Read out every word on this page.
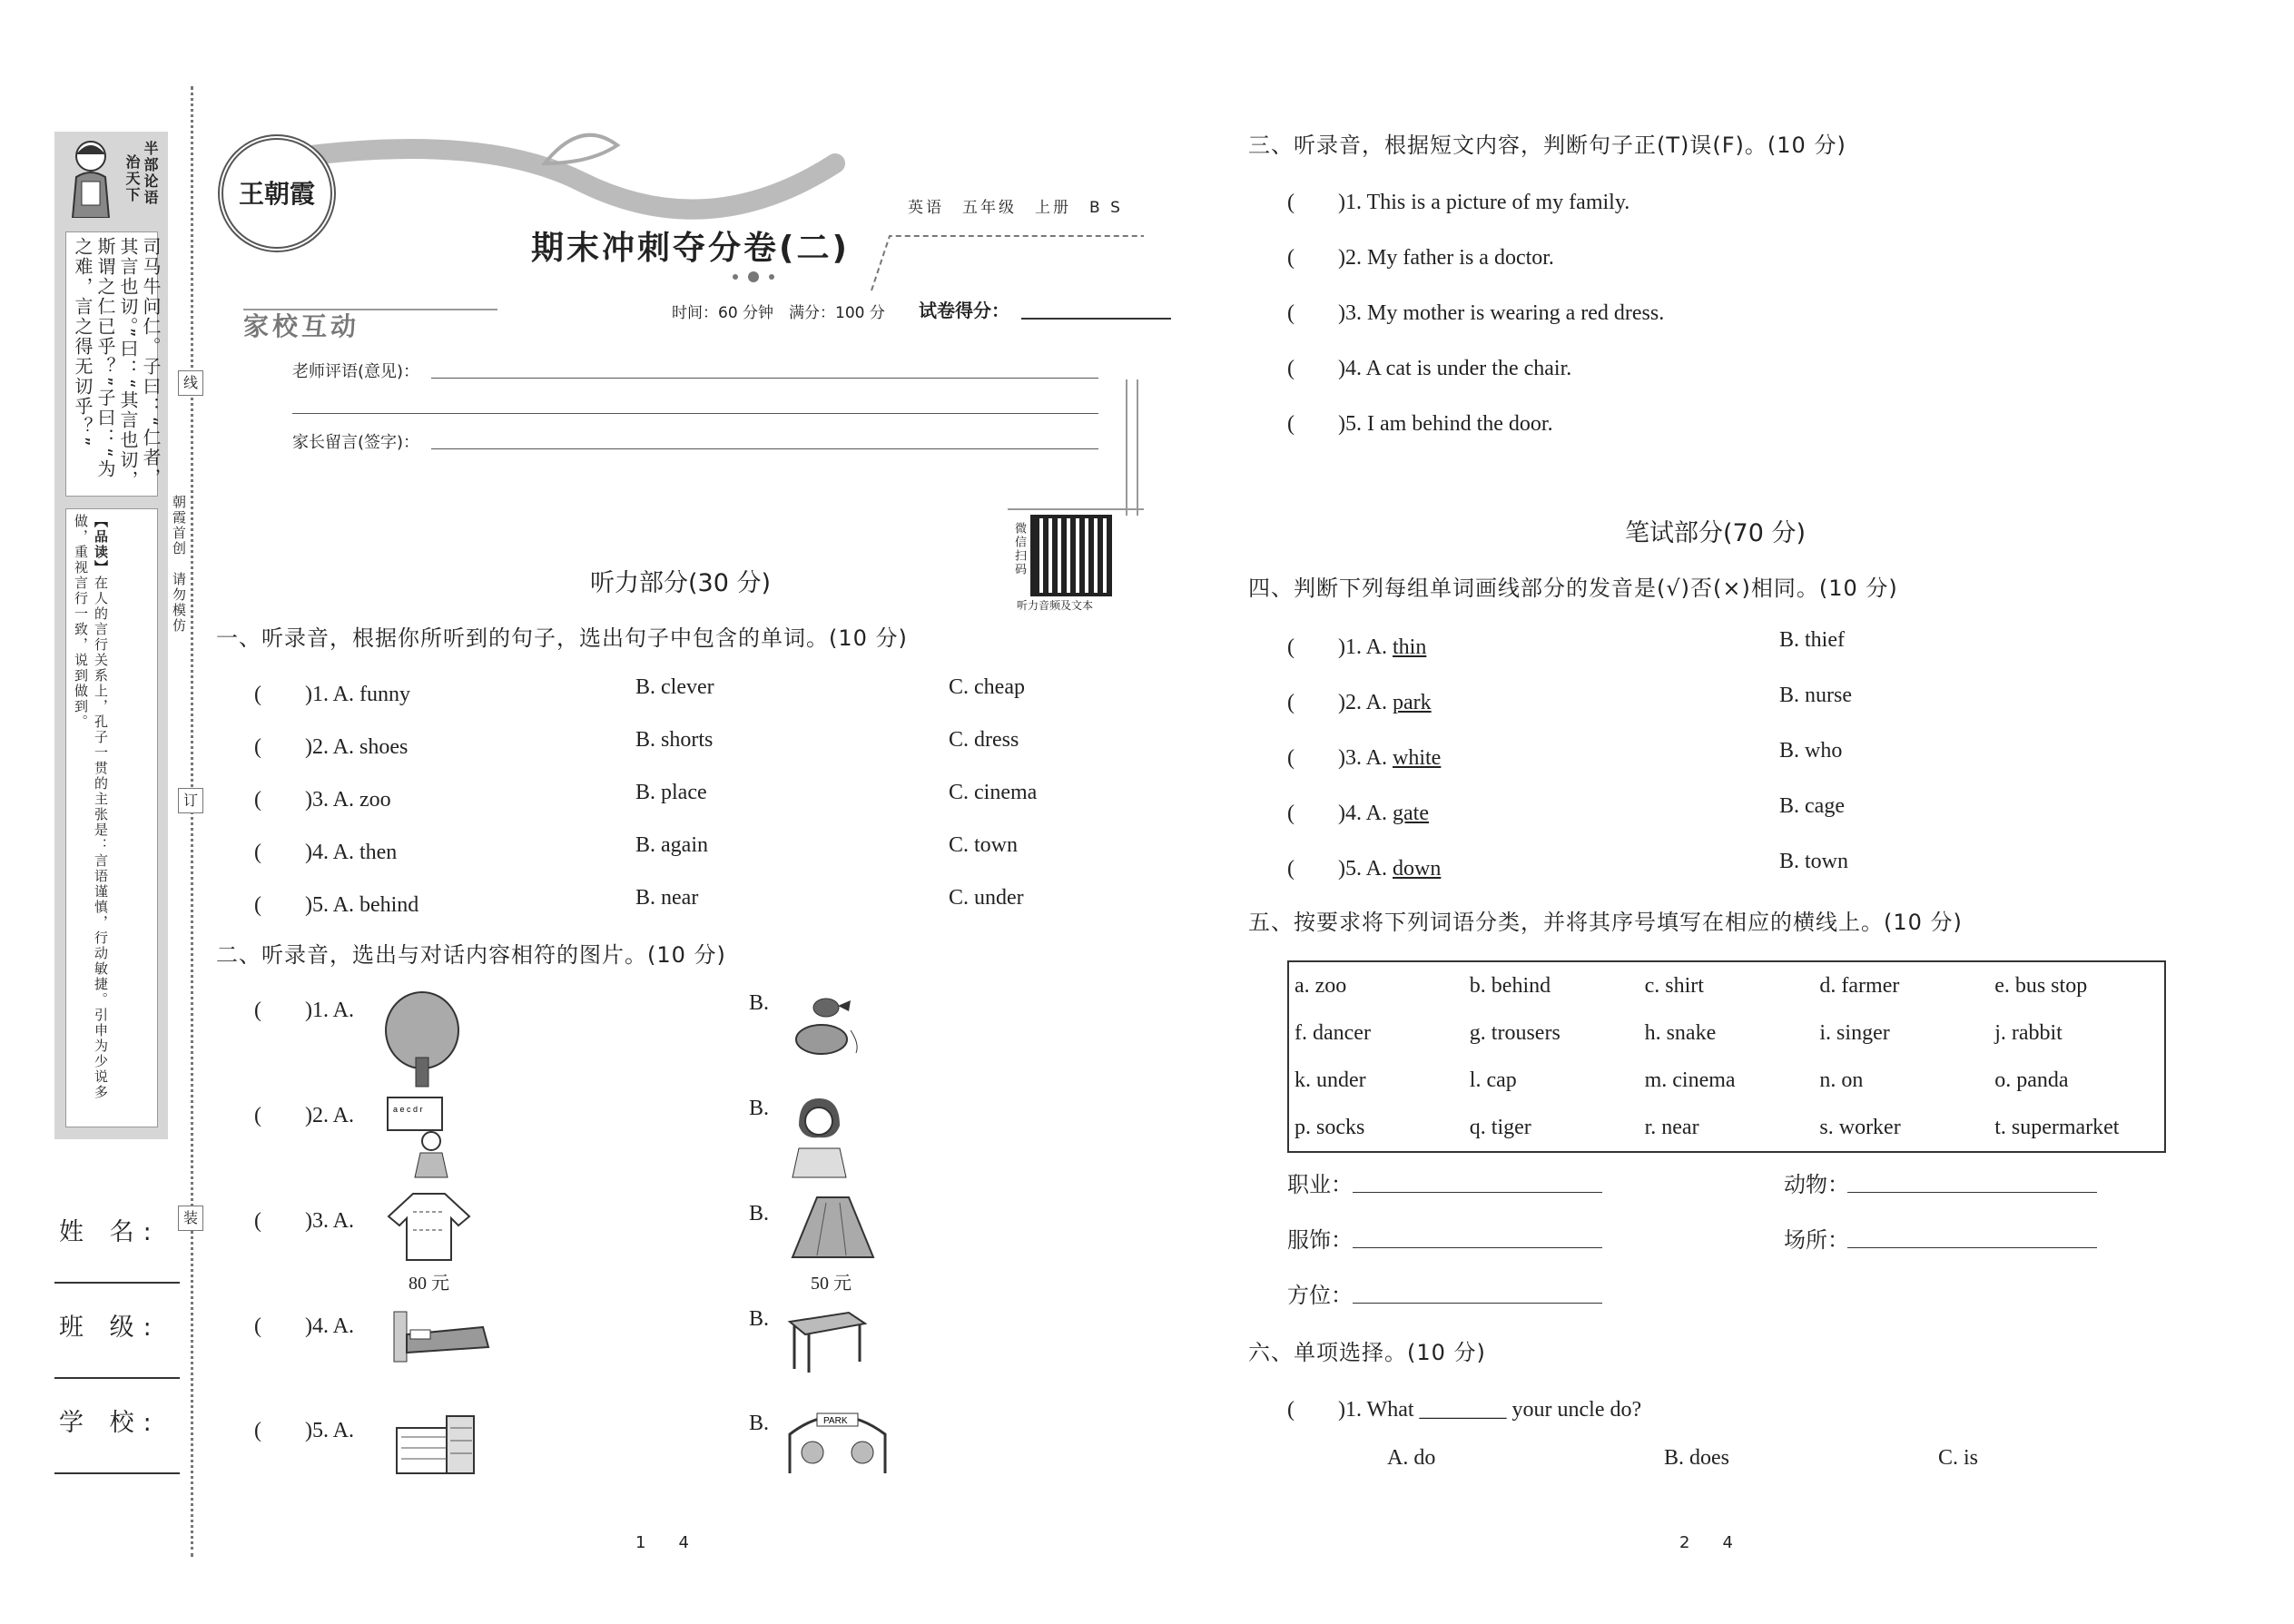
半部论语
治天下
司马牛问仁。子曰：“仁者，其言也讱。”曰：“其言也讱，斯谓之仁已乎？”子曰：“为之难，言之得无讱乎？”
【品读】在人的言行关系上，孔子一贯的主张是：言语谨慎，行动敏捷。引申为少说多做，重视言行一致，说到做到。
线
订
装
朝霞首创　请勿模仿
姓 名:
班 级:
学 校:
王朝霞
期末冲刺夺分卷(二)
英语　五年级　上册　B S
时间：60 分钟　满分：100 分 试卷得分：
家校互动
老师评语(意见)：
家长留言(签字)：
微信扫码
听力音频及文本
听力部分(30 分)
一、听录音，根据你所听到的句子，选出句子中包含的单词。(10 分)
(　　)1. A. funny	B. clever	C. cheap
(　　)2. A. shoes	B. shorts	C. dress
(　　)3. A. zoo	B. place	C. cinema
(　　)4. A. then	B. again	C. town
(　　)5. A. behind	B. near	C. under
二、听录音，选出与对话内容相符的图片。(10 分)
(　　)1. A.	B.
(　　)2. A.	B.
a e c d r
(　　)3. A.	B.
80 元	50 元
(　　)4. A.	B.
(　　)5. A.	B.	PARK
1　　4
三、听录音，根据短文内容，判断句子正(T)误(F)。(10 分)
(　　)1. This is a picture of my family.
(　　)2. My father is a doctor.
(　　)3. My mother is wearing a red dress.
(　　)4. A cat is under the chair.
(　　)5. I am behind the door.
笔试部分(70 分)
四、判断下列每组单词画线部分的发音是(√)否(×)相同。(10 分)
(　　)1. A. thin	B. thief
(　　)2. A. park	B. nurse
(　　)3. A. white	B. who
(　　)4. A. gate	B. cage
(　　)5. A. down	B. town
五、按要求将下列词语分类，并将其序号填写在相应的横线上。(10 分)
a. zoo	b. behind	c. shirt	d. farmer	e. bus stop
f. dancer	g. trousers	h. snake	i. singer	j. rabbit
k. under	l. cap	m. cinema	n. on	o. panda
p. socks	q. tiger	r. near	s. worker	t. supermarket
职业：	动物：
服饰：	场所：
方位：
六、单项选择。(10 分)
(　　)1. What ________ your uncle do?
A. do	B. does	C. is
2　　4
